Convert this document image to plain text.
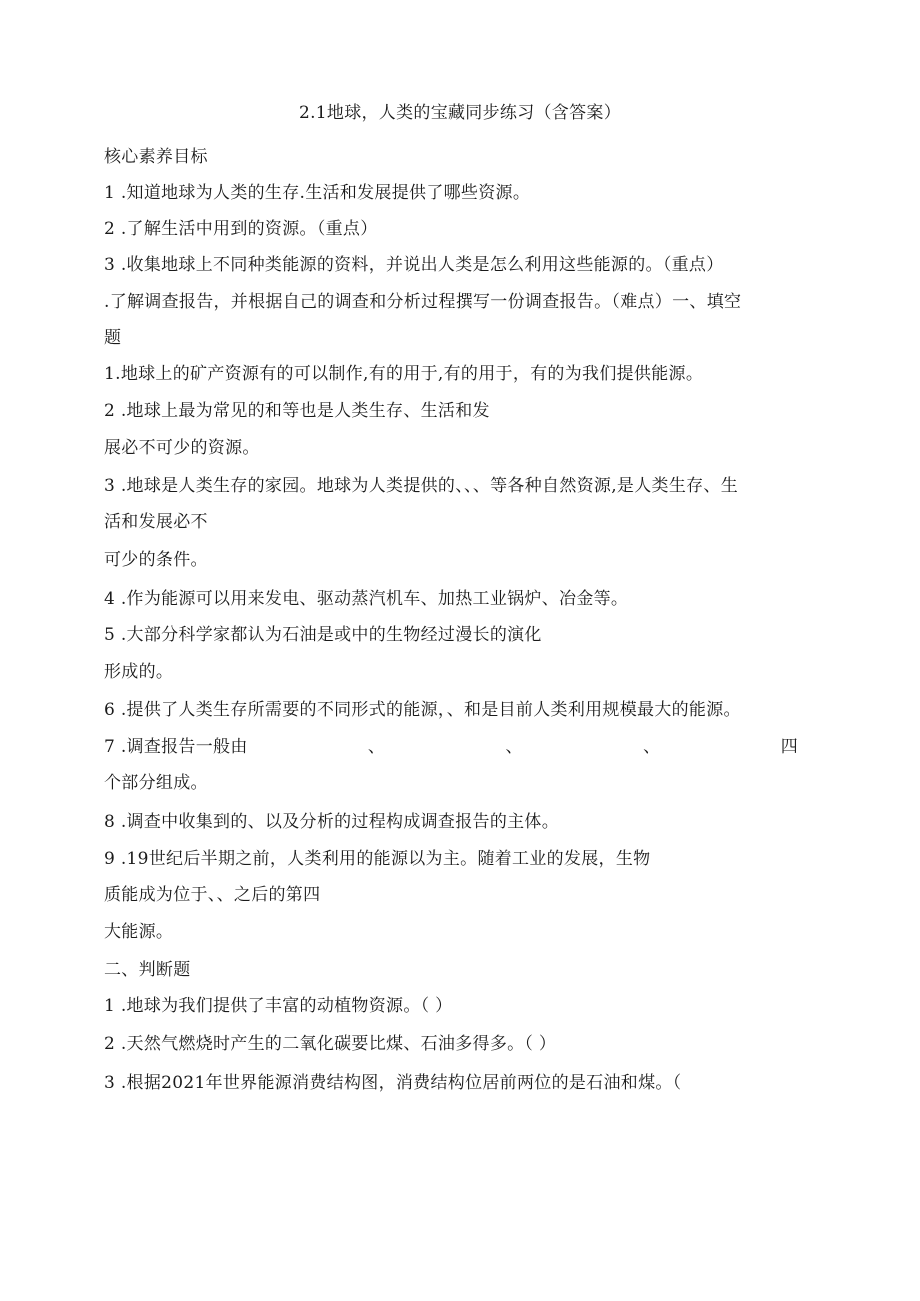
2.1地球，人类的宝藏同步练习（含答案）
核心素养目标
1 .知道地球为人类的生存.生活和发展提供了哪些资源。
2 .了解生活中用到的资源。（重点）
3 .收集地球上不同种类能源的资料，并说出人类是怎么利用这些能源的。（重点）
.了解调查报告，并根据自己的调查和分析过程撰写一份调查报告。（难点）一、填空
题
1.地球上的矿产资源有的可以制作,有的用于,有的用于，有的为我们提供能源。
2 .地球上最为常见的和等也是人类生存、生活和发
展必不可少的资源。
3 .地球是人类生存的家园。地球为人类提供的、、、等各种自然资源,是人类生存、生
活和发展必不
可少的条件。
4 .作为能源可以用来发电、驱动蒸汽机车、加热工业锅炉、冶金等。
5 .大部分科学家都认为石油是或中的生物经过漫长的演化
形成的。
6 .提供了人类生存所需要的不同形式的能源，、和是目前人类利用规模最大的能源。
7 .调查报告一般由	、	、	、	四
个部分组成。
8 .调查中收集到的、以及分析的过程构成调查报告的主体。
9 .19世纪后半期之前，人类利用的能源以为主。随着工业的发展，生物
质能成为位于、、之后的第四
大能源。
二、判断题
1 .地球为我们提供了丰富的动植物资源。（ ）
2 .天然气燃烧时产生的二氧化碳要比煤、石油多得多。（ ）
3 .根据2021年世界能源消费结构图，消费结构位居前两位的是石油和煤。（
